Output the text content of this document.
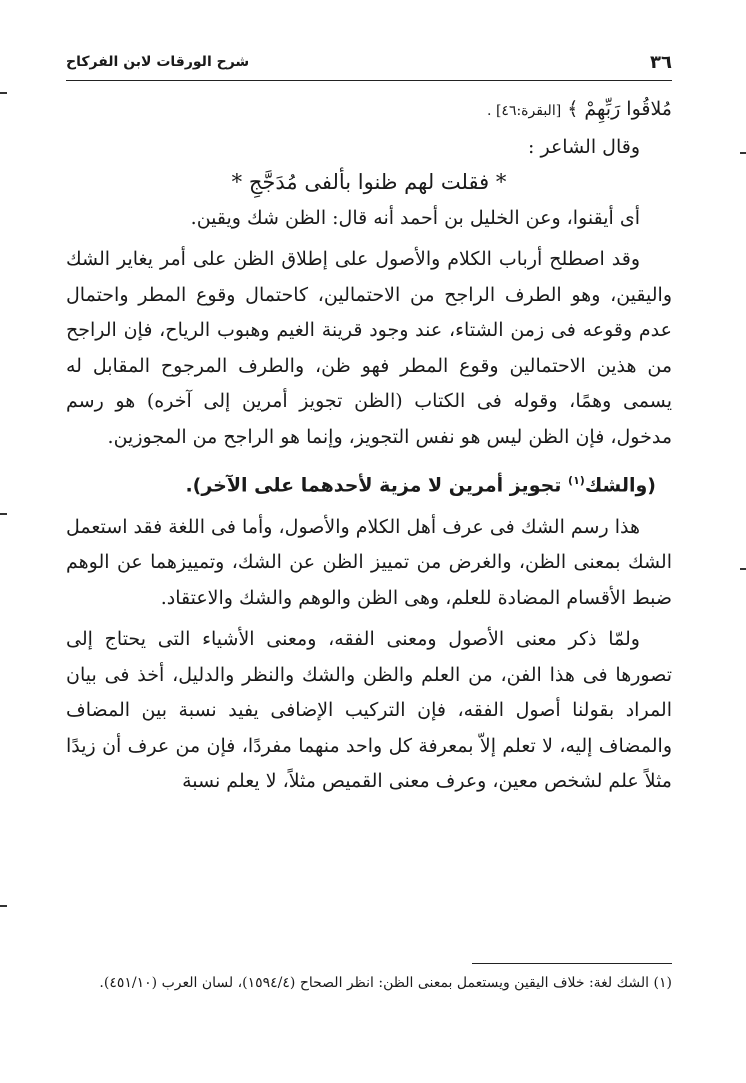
٣٦
شرح الورقات لابن الفركاح

مُلاقُوا رَبِّهِمْ ﴾ [البقرة:٤٦] .

وقال الشاعر :

* فقلت لهم ظنوا بألفى مُدَجَّجِ *

أى أيقنوا، وعن الخليل بن أحمد أنه قال: الظن شك ويقين.

وقد اصطلح أرباب الكلام والأصول على إطلاق الظن على أمر يغاير الشك واليقين، وهو الطرف الراجح من الاحتمالين، كاحتمال وقوع المطر واحتمال عدم وقوعه فى زمن الشتاء، عند وجود قرينة الغيم وهبوب الرياح، فإن الراجح من هذين الاحتمالين وقوع المطر فهو ظن، والطرف المرجوح المقابل له يسمى وهمًا، وقوله فى الكتاب (الظن تجويز أمرين إلى آخره) هو رسم مدخول، فإن الظن ليس هو نفس التجويز، وإنما هو الراجح من المجوزين.

(والشك$^{(١)}$ تجويز أمرين لا مزية لأحدهما على الآخر).

هذا رسم الشك فى عرف أهل الكلام والأصول، وأما فى اللغة فقد استعمل الشك بمعنى الظن، والغرض من تمييز الظن عن الشك، وتمييزهما عن الوهم ضبط الأقسام المضادة للعلم، وهى الظن والوهم والشك والاعتقاد.

ولمّا ذكر معنى الأصول ومعنى الفقه، ومعنى الأشياء التى يحتاج إلى تصورها فى هذا الفن، من العلم والظن والشك والنظر والدليل، أخذ فى بيان المراد بقولنا أصول الفقه، فإن التركيب الإضافى يفيد نسبة بين المضاف والمضاف إليه، لا تعلم إلاّ بمعرفة كل واحد منهما مفردًا، فإن من عرف أن زيدًا مثلاً علم لشخص معين، وعرف معنى القميص مثلاً، لا يعلم نسبة

(١) الشك لغة: خلاف اليقين ويستعمل بمعنى الظن: انظر الصحاح (١٥٩٤/٤)، لسان العرب (٤٥١/١٠).
